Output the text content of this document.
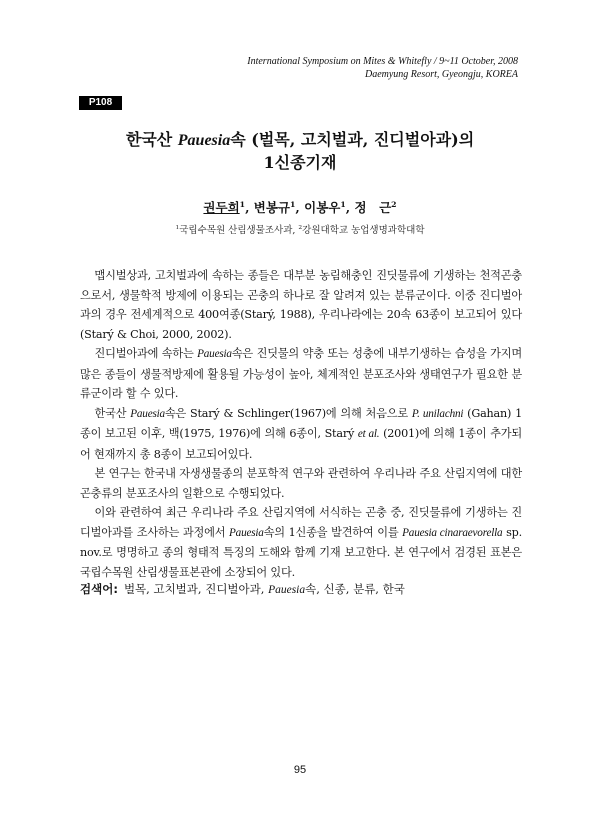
International Symposium on Mites & Whitefly / 9~11 October, 2008
Daemyung Resort, Gyeongju, KOREA
P108
한국산 Pauesia속 (벌목, 고치벌과, 진디벌아과)의
1신종기재
권두희$^1$, 변봉규$^1$, 이봉우$^1$, 정　근$^2$
$^1$국립수목원 산림생물조사과, $^2$강원대학교 농업생명과학대학

맵시벌상과, 고치벌과에 속하는 종들은 대부분 농림해충인 진딧물류에 기생하는 천적곤충으로서, 생물학적 방제에 이용되는 곤충의 하나로 잘 알려져 있는 분류군이다. 이중 진디벌아과의 경우 전세계적으로 400여종(Starý, 1988), 우리나라에는 20속 63종이 보고되어 있다(Starý & Choi, 2000, 2002).

진디벌아과에 속하는 Pauesia속은 진딧물의 약충 또는 성충에 내부기생하는 습성을 가지며 많은 종들이 생물적방제에 활용될 가능성이 높아, 체계적인 분포조사와 생태연구가 필요한 분류군이라 할 수 있다.

한국산 Pauesia속은 Starý & Schlinger(1967)에 의해 처음으로 P. unilachni (Gahan) 1종이 보고된 이후, 백(1975, 1976)에 의해 6종이, Starý et al. (2001)에 의해 1종이 추가되어 현재까지 총 8종이 보고되어있다.

본 연구는 한국내 자생생물종의 분포학적 연구와 관련하여 우리나라 주요 산림지역에 대한 곤충류의 분포조사의 일환으로 수행되었다.

이와 관련하여 최근 우리나라 주요 산림지역에 서식하는 곤충 중, 진딧물류에 기생하는 진디벌아과를 조사하는 과정에서 Pauesia속의 1신종을 발견하여 이를 Pauesia cinaraevorella sp. nov.로 명명하고 종의 형태적 특징의 도해와 함께 기재 보고한다. 본 연구에서 검경된 표본은 국립수목원 산림생물표본관에 소장되어 있다.

검색어: 벌목, 고치벌과, 진디벌아과, Pauesia속, 신종, 분류, 한국
95
